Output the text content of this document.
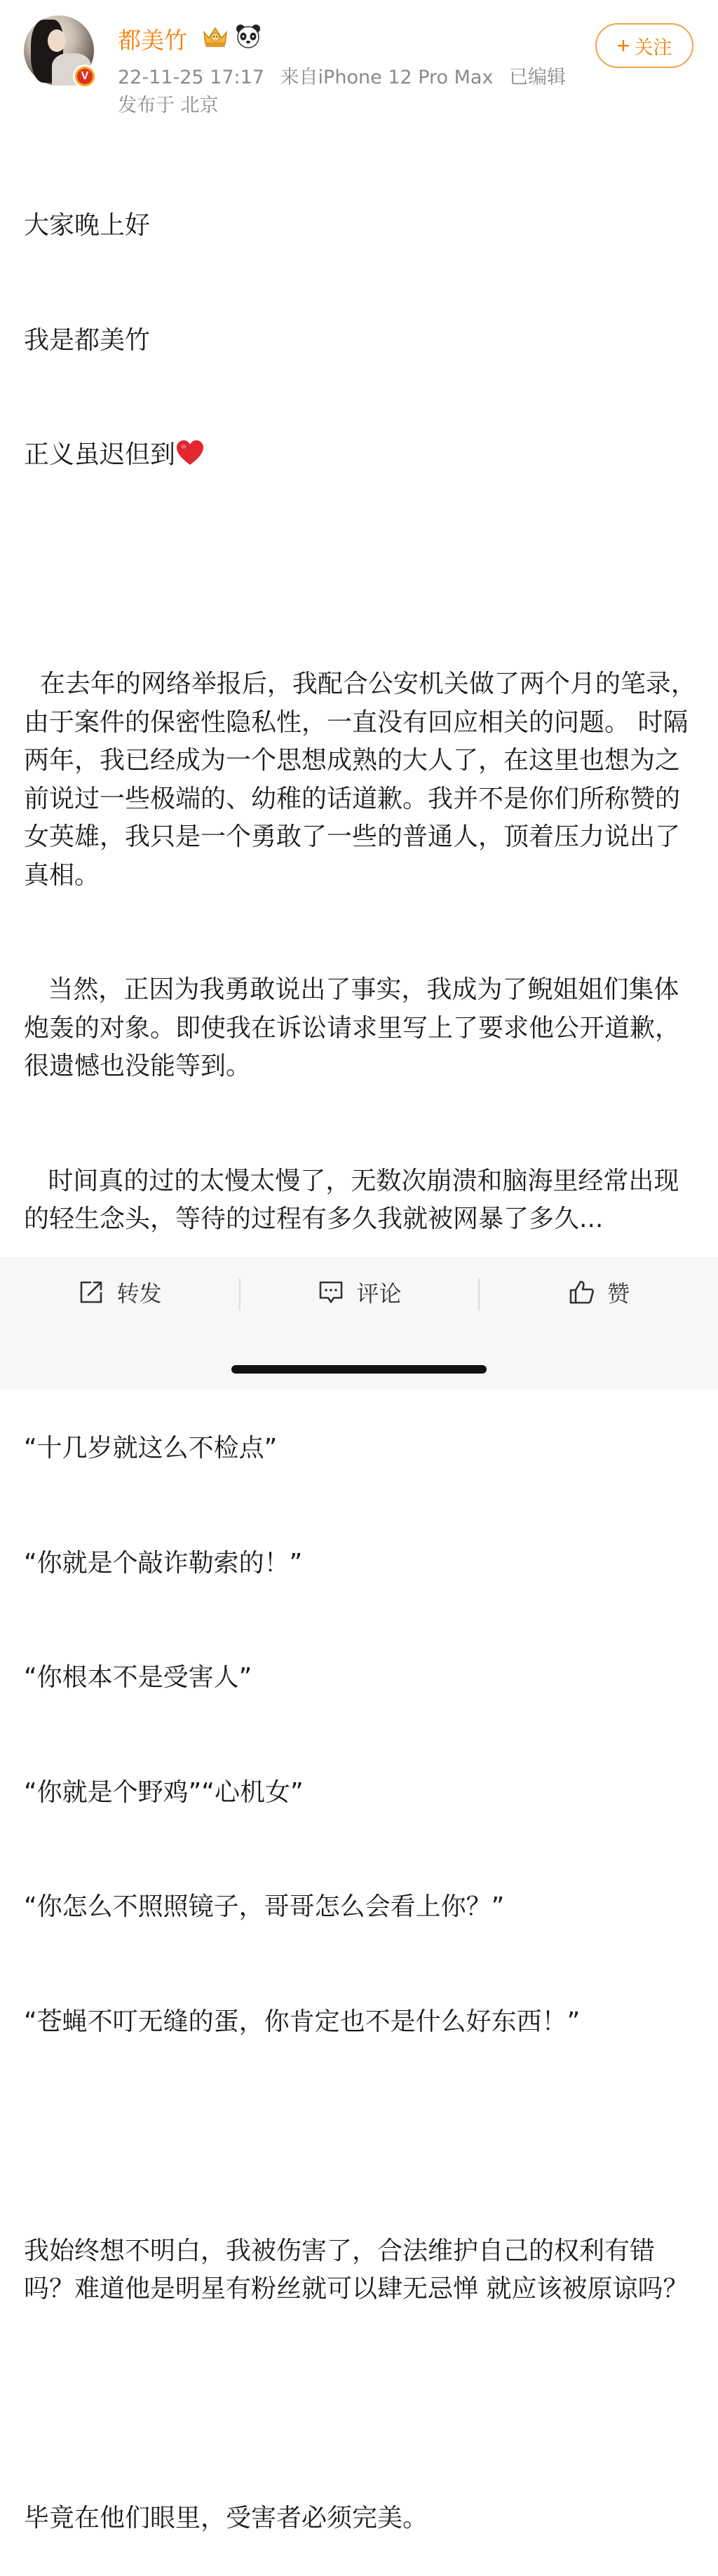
V
都美竹
22-11-25 17:17 来自iPhone 12 Pro Max 已编辑
发布于 北京
+ 关注

大家晚上好

我是都美竹

正义虽迟但到

在去年的网络举报后，我配合公安机关做了两个月的笔录，由于案件的保密性隐私性，一直没有回应相关的问题。 时隔两年，我已经成为一个思想成熟的大人了，在这里也想为之前说过一些极端的、幼稚的话道歉。我并不是你们所称赞的女英雄，我只是一个勇敢了一些的普通人，顶着压力说出了真相。

当然，正因为我勇敢说出了事实，我成为了鲵姐姐们集体炮轰的对象。即使我在诉讼请求里写上了要求他公开道歉，很遗憾也没能等到。

时间真的过的太慢太慢了，无数次崩溃和脑海里经常出现的轻生念头，等待的过程有多久我就被网暴了多久...

“十几岁就这么不检点”

“你就是个敲诈勒索的！”

“你根本不是受害人”

“你就是个野鸡”“心机女”

“你怎么不照照镜子，哥哥怎么会看上你？”

“苍蝇不叮无缝的蛋，你肯定也不是什么好东西！”

我始终想不明白，我被伤害了，合法维护自己的权利有错吗？难道他是明星有粉丝就可以肆无忌惮 就应该被原谅吗？

毕竟在他们眼里，受害者必须完美。

转发	评论	赞
